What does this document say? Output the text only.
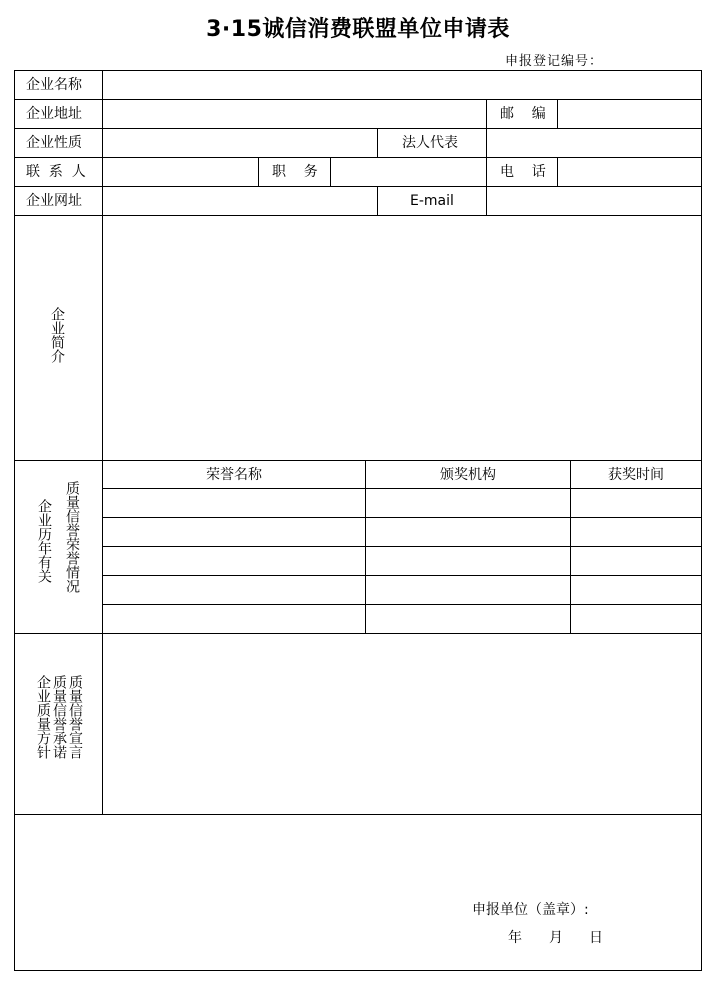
3·15诚信消费联盟单位申请表
申报登记编号：
企业名称
企业地址	邮    编
企业性质	法人代表
联  系  人	职    务	电    话
企业网址	E-mail
企业简介
质量信誉荣誉情况
企业历年有关
荣誉名称	颁奖机构	获奖时间
质量信誉宣言
质量信誉承诺
企业质量方针
申报单位（盖章）:
年 月 日
